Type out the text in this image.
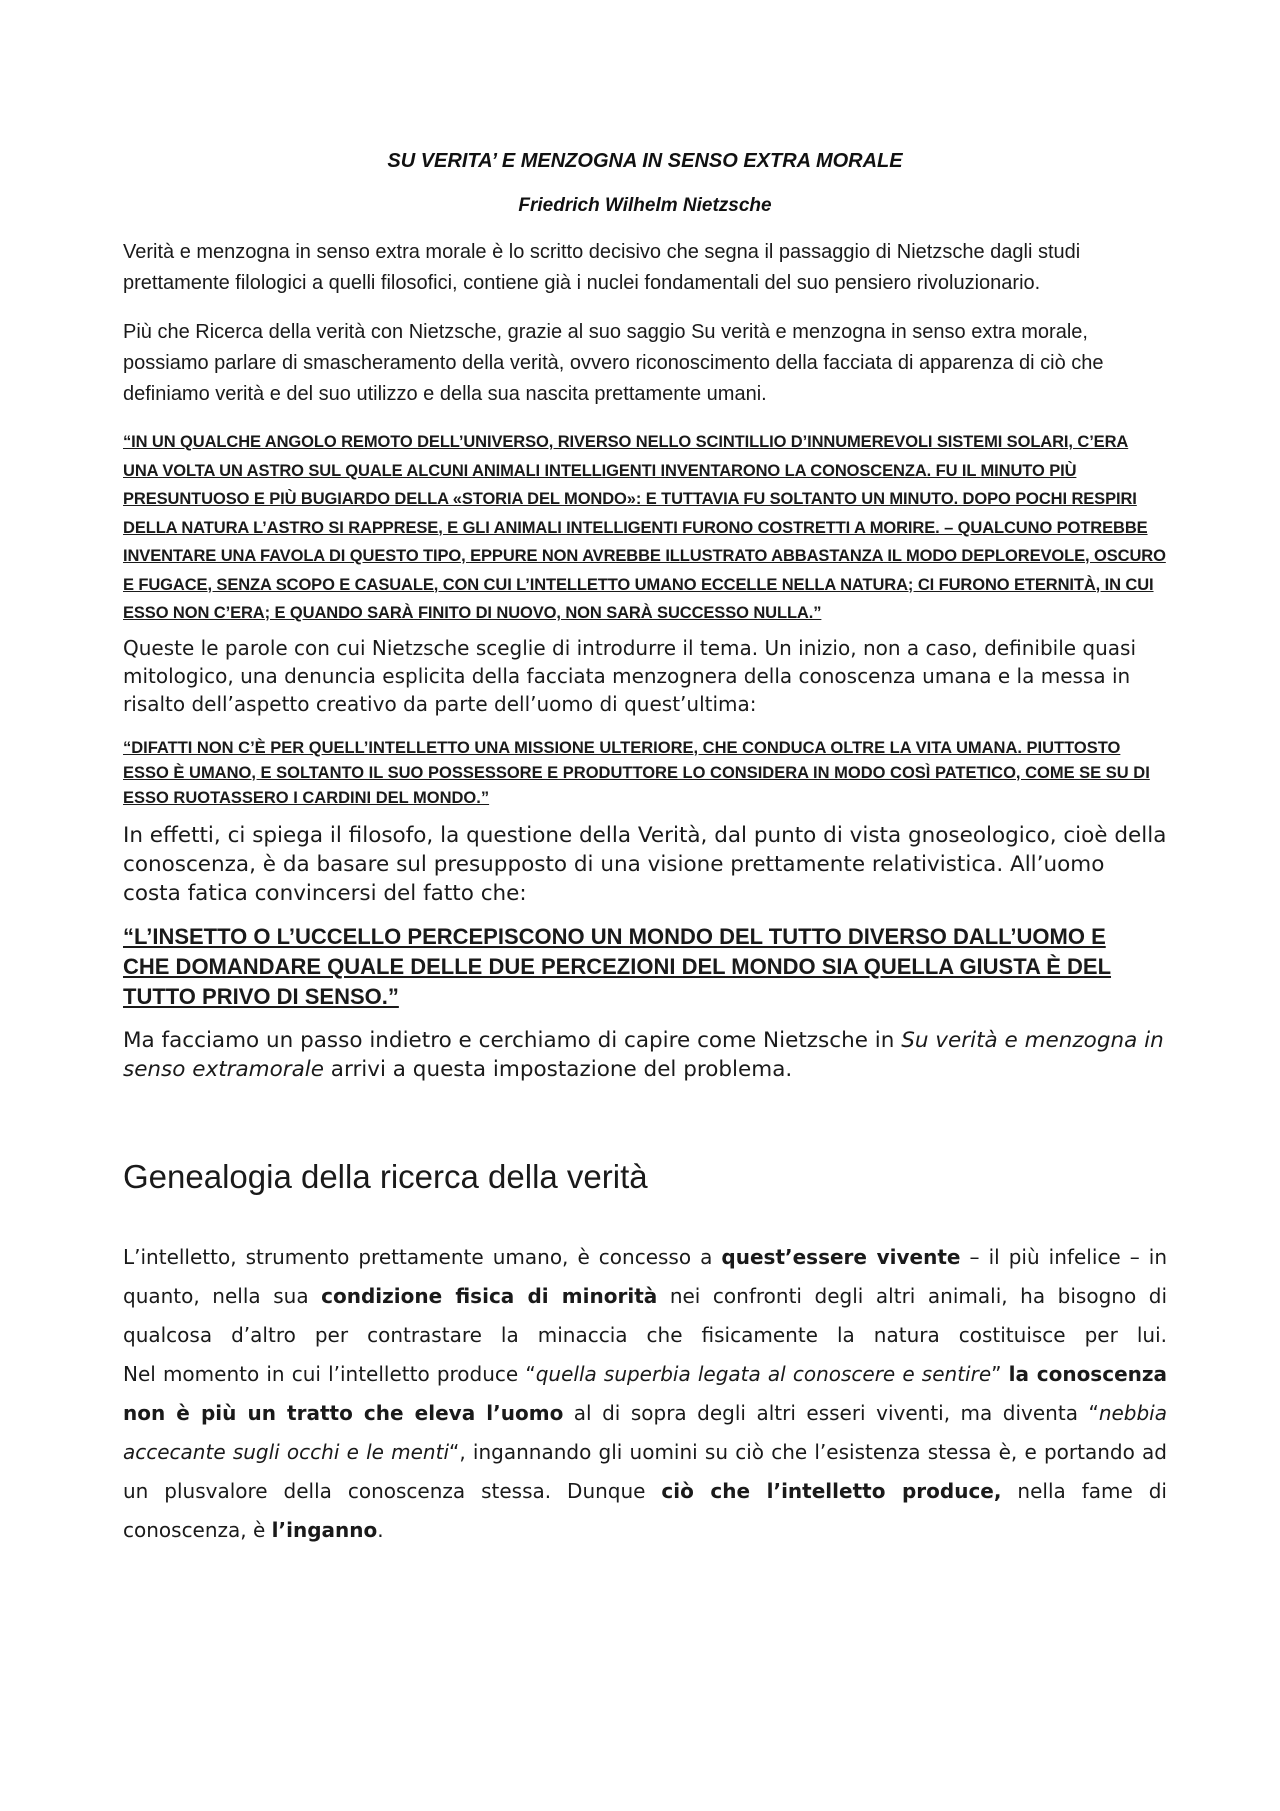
SU VERITA’ E MENZOGNA IN SENSO EXTRA MORALE

Friedrich Wilhelm Nietzsche

Verità e menzogna in senso extra morale è lo scritto decisivo che segna il passaggio di Nietzsche dagli studi prettamente filologici a quelli filosofici, contiene già i nuclei fondamentali del suo pensiero rivoluzionario.

Più che Ricerca della verità con Nietzsche, grazie al suo saggio Su verità e menzogna in senso extra morale, possiamo parlare di smascheramento della verità, ovvero riconoscimento della facciata di apparenza di ciò che definiamo verità e del suo utilizzo e della sua nascita prettamente umani.

“IN UN QUALCHE ANGOLO REMOTO DELL’UNIVERSO, RIVERSO NELLO SCINTILLIO D’INNUMEREVOLI SISTEMI SOLARI, C’ERA UNA VOLTA UN ASTRO SUL QUALE ALCUNI ANIMALI INTELLIGENTI INVENTARONO LA CONOSCENZA. FU IL MINUTO PIÙ PRESUNTUOSO E PIÙ BUGIARDO DELLA «STORIA DEL MONDO»: E TUTTAVIA FU SOLTANTO UN MINUTO. DOPO POCHI RESPIRI DELLA NATURA L’ASTRO SI RAPPRESE, E GLI ANIMALI INTELLIGENTI FURONO COSTRETTI A MORIRE. – QUALCUNO POTREBBE INVENTARE UNA FAVOLA DI QUESTO TIPO, EPPURE NON AVREBBE ILLUSTRATO ABBASTANZA IL MODO DEPLOREVOLE, OSCURO E FUGACE, SENZA SCOPO E CASUALE, CON CUI L’INTELLETTO UMANO ECCELLE NELLA NATURA; CI FURONO ETERNITÀ, IN CUI ESSO NON C’ERA; E QUANDO SARÀ FINITO DI NUOVO, NON SARÀ SUCCESSO NULLA.”

Queste le parole con cui Nietzsche sceglie di introdurre il tema. Un inizio, non a caso, definibile quasi mitologico, una denuncia esplicita della facciata menzognera della conoscenza umana e la messa in risalto dell’aspetto creativo da parte dell’uomo di quest’ultima:

“DIFATTI NON C’È PER QUELL’INTELLETTO UNA MISSIONE ULTERIORE, CHE CONDUCA OLTRE LA VITA UMANA. PIUTTOSTO ESSO È UMANO, E SOLTANTO IL SUO POSSESSORE E PRODUTTORE LO CONSIDERA IN MODO COSÌ PATETICO, COME SE SU DI ESSO RUOTASSERO I CARDINI DEL MONDO.”

In effetti, ci spiega il filosofo, la questione della Verità, dal punto di vista gnoseologico, cioè della conoscenza, è da basare sul presupposto di una visione prettamente relativistica. All’uomo costa fatica convincersi del fatto che:

“L’INSETTO O L’UCCELLO PERCEPISCONO UN MONDO DEL TUTTO DIVERSO DALL’UOMO E CHE DOMANDARE QUALE DELLE DUE PERCEZIONI DEL MONDO SIA QUELLA GIUSTA È DEL TUTTO PRIVO DI SENSO.”

Ma facciamo un passo indietro e cerchiamo di capire come Nietzsche in Su verità e menzogna in senso extramorale arrivi a questa impostazione del problema.

Genealogia della ricerca della verità

L’intelletto, strumento prettamente umano, è concesso a quest’essere vivente – il più infelice – in quanto, nella sua condizione fisica di minorità nei confronti degli altri animali, ha bisogno di qualcosa d’altro per contrastare la minaccia che fisicamente la natura costituisce per lui.

Nel momento in cui l’intelletto produce “quella superbia legata al conoscere e sentire” la conoscenza non è più un tratto che eleva l’uomo al di sopra degli altri esseri viventi, ma diventa “nebbia accecante sugli occhi e le menti“, ingannando gli uomini su ciò che l’esistenza stessa è, e portando ad un plusvalore della conoscenza stessa. Dunque ciò che l’intelletto produce, nella fame di conoscenza, è l’inganno.
